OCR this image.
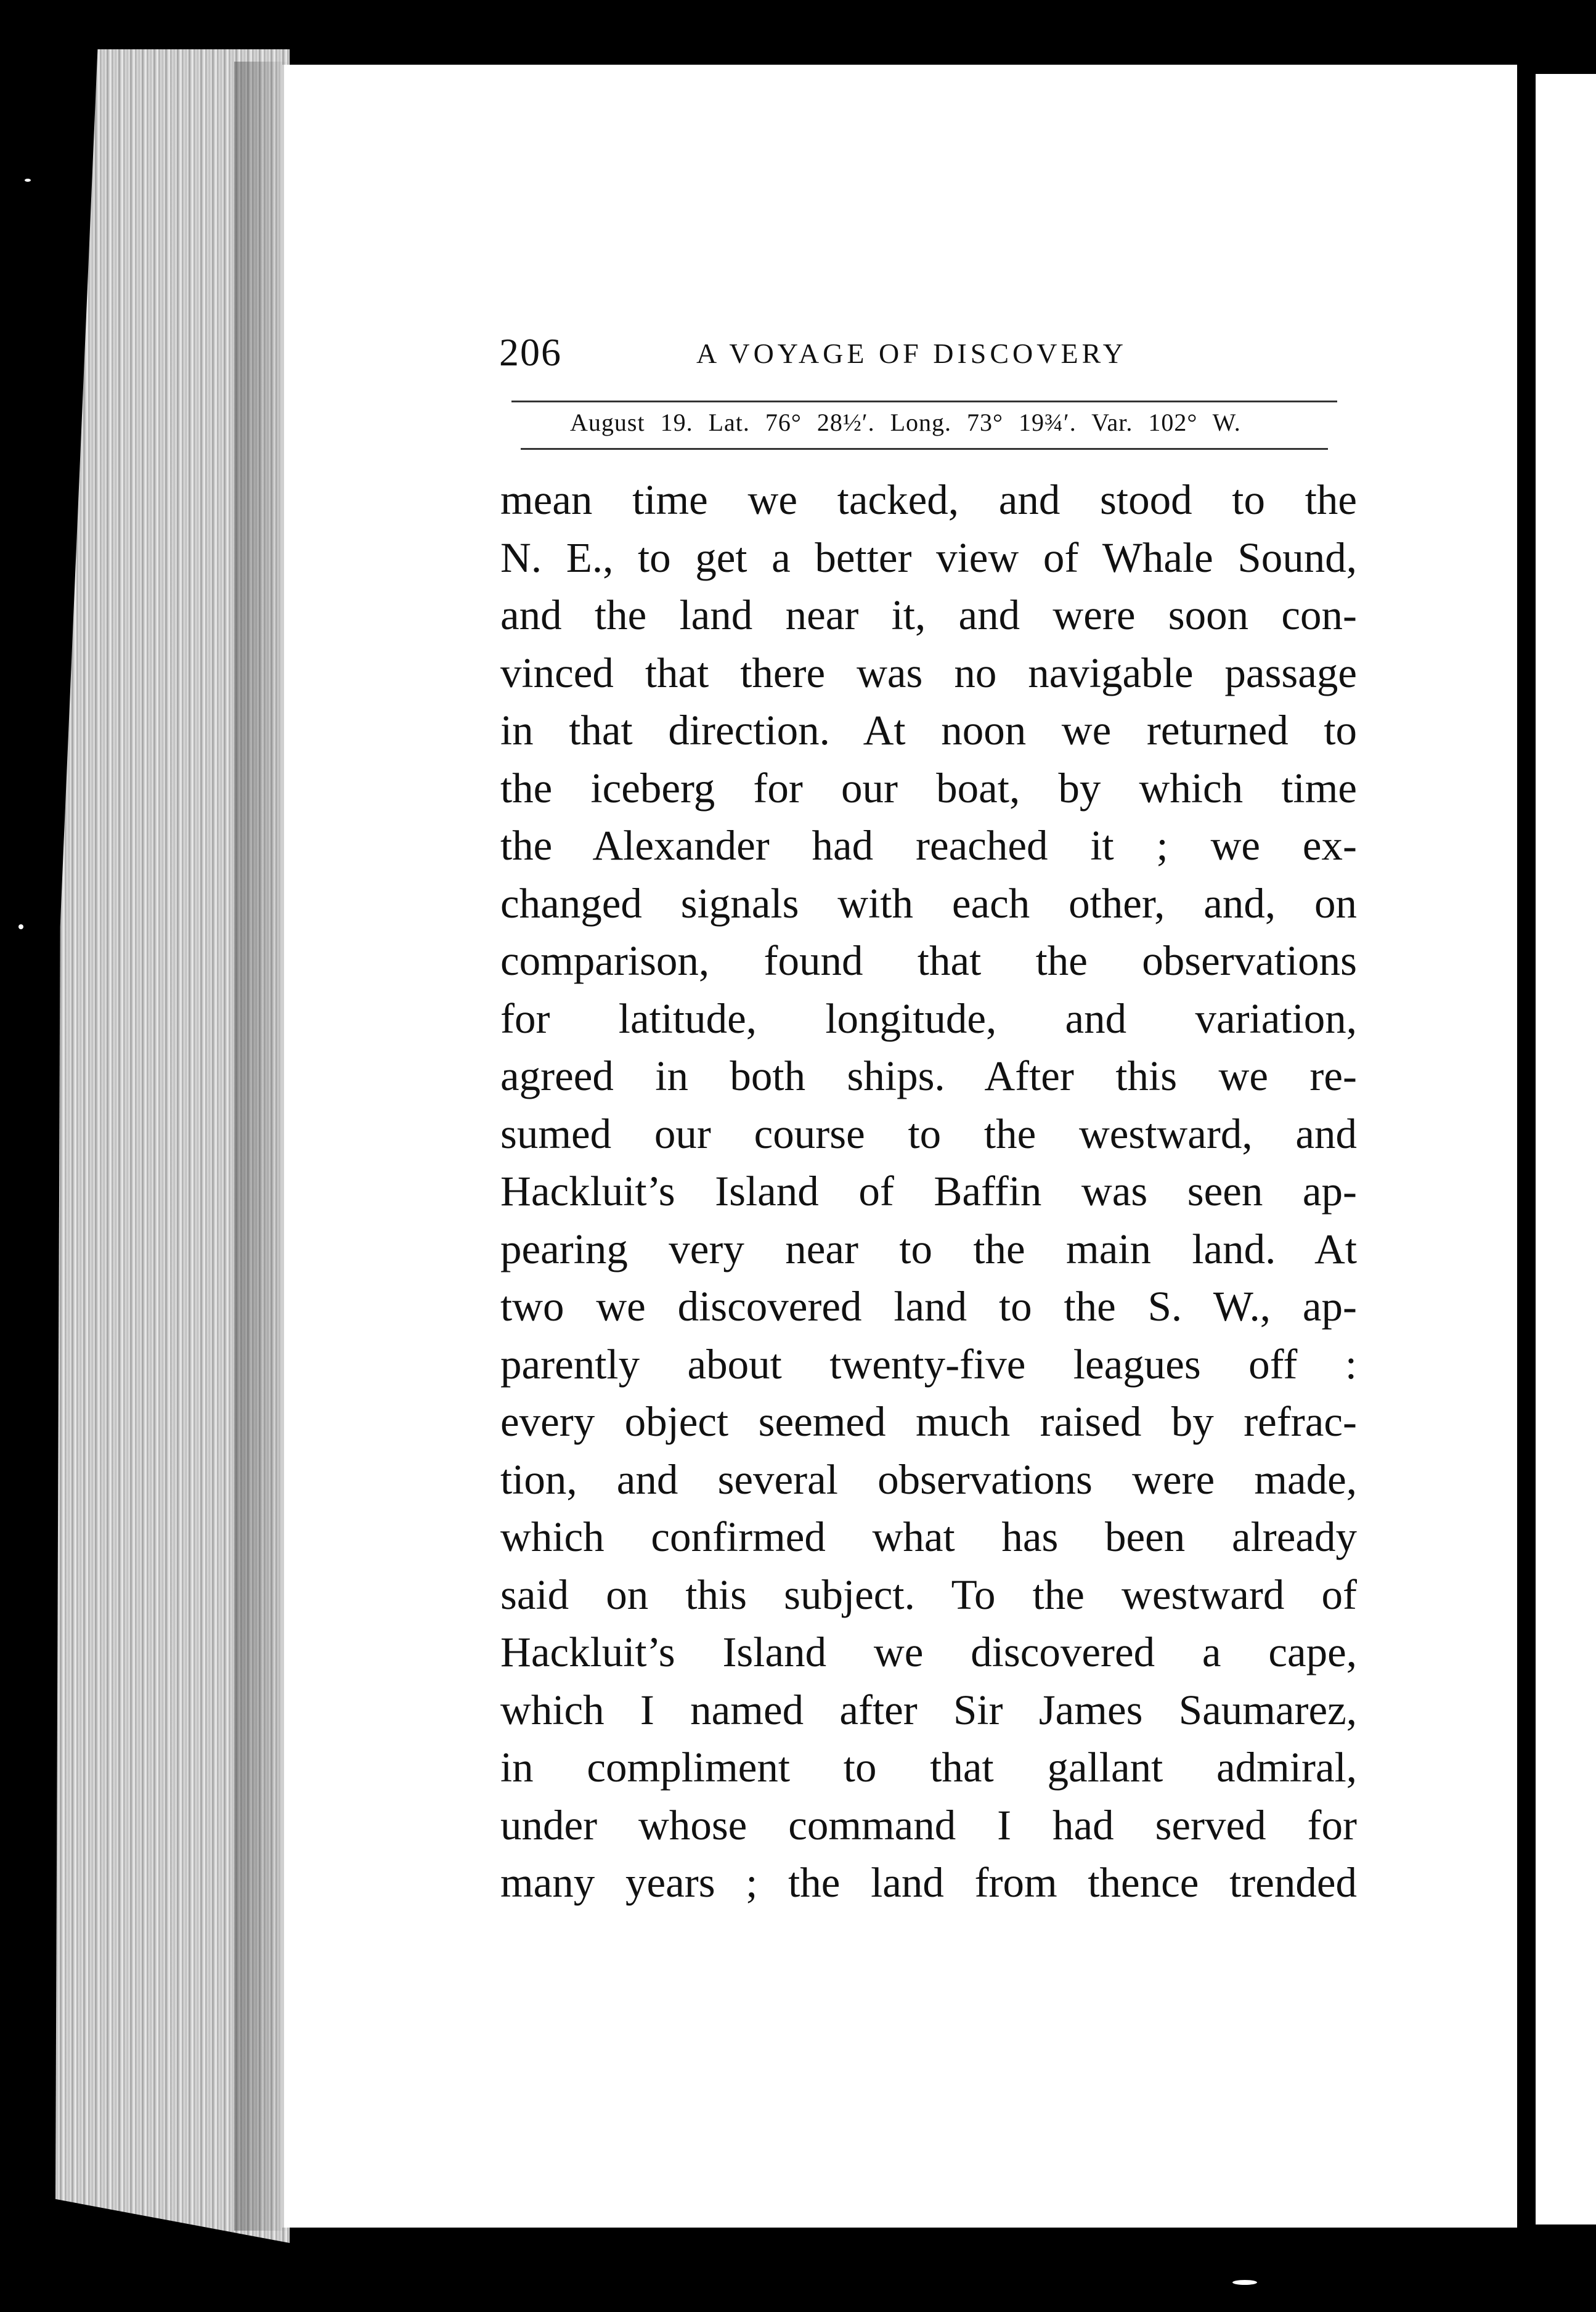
206	A VOYAGE OF DISCOVERY
August 19. Lat. 76° 28½′. Long. 73° 19¾′. Var. 102° W.
mean time we tacked, and stood to the
N. E., to get a better view of Whale Sound,
and the land near it, and were soon con-
vinced that there was no navigable passage
in that direction. At noon we returned to
the iceberg for our boat, by which time
the Alexander had reached it ; we ex-
changed signals with each other, and, on
comparison, found that the observations
for latitude, longitude, and variation,
agreed in both ships. After this we re-
sumed our course to the westward, and
Hackluit’s Island of Baffin was seen ap-
pearing very near to the main land. At
two we discovered land to the S. W., ap-
parently about twenty-five leagues off :
every object seemed much raised by refrac-
tion, and several observations were made,
which confirmed what has been already
said on this subject. To the westward of
Hackluit’s Island we discovered a cape,
which I named after Sir James Saumarez,
in compliment to that gallant admiral,
under whose command I had served for
many years ; the land from thence trended
